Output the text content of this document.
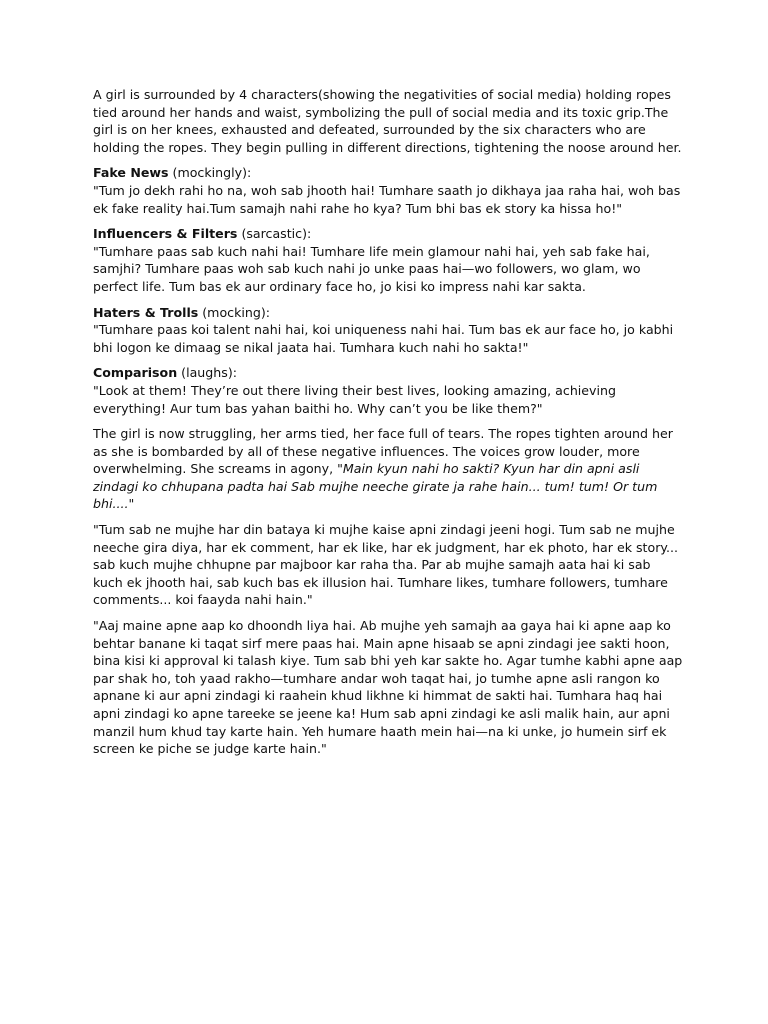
A girl is surrounded by 4 characters(showing the negativities of social media) holding ropes tied around her hands and waist, symbolizing the pull of social media and its toxic grip.The girl is on her knees, exhausted and defeated, surrounded by the six characters who are holding the ropes. They begin pulling in different directions, tightening the noose around her.

Fake News (mockingly):
"Tum jo dekh rahi ho na, woh sab jhooth hai! Tumhare saath jo dikhaya jaa raha hai, woh bas ek fake reality hai.Tum samajh nahi rahe ho kya? Tum bhi bas ek story ka hissa ho!"

Influencers & Filters (sarcastic):
"Tumhare paas sab kuch nahi hai! Tumhare life mein glamour nahi hai, yeh sab fake hai, samjhi? Tumhare paas woh sab kuch nahi jo unke paas hai—wo followers, wo glam, wo perfect life. Tum bas ek aur ordinary face ho, jo kisi ko impress nahi kar sakta.

Haters & Trolls (mocking):
"Tumhare paas koi talent nahi hai, koi uniqueness nahi hai. Tum bas ek aur face ho, jo kabhi bhi logon ke dimaag se nikal jaata hai. Tumhara kuch nahi ho sakta!"

Comparison (laughs):
"Look at them! They’re out there living their best lives, looking amazing, achieving everything! Aur tum bas yahan baithi ho. Why can’t you be like them?"

The girl is now struggling, her arms tied, her face full of tears. The ropes tighten around her as she is bombarded by all of these negative influences. The voices grow louder, more overwhelming. She screams in agony, "Main kyun nahi ho sakti? Kyun har din apni asli zindagi ko chhupana padta hai Sab mujhe neeche girate ja rahe hain... tum! tum! Or tum bhi...."

"Tum sab ne mujhe har din bataya ki mujhe kaise apni zindagi jeeni hogi. Tum sab ne mujhe neeche gira diya, har ek comment, har ek like, har ek judgment, har ek photo, har ek story... sab kuch mujhe chhupne par majboor kar raha tha. Par ab mujhe samajh aata hai ki sab kuch ek jhooth hai, sab kuch bas ek illusion hai. Tumhare likes, tumhare followers, tumhare comments... koi faayda nahi hain."

"Aaj maine apne aap ko dhoondh liya hai. Ab mujhe yeh samajh aa gaya hai ki apne aap ko behtar banane ki taqat sirf mere paas hai. Main apne hisaab se apni zindagi jee sakti hoon, bina kisi ki approval ki talash kiye. Tum sab bhi yeh kar sakte ho. Agar tumhe kabhi apne aap par shak ho, toh yaad rakho—tumhare andar woh taqat hai, jo tumhe apne asli rangon ko apnane ki aur apni zindagi ki raahein khud likhne ki himmat de sakti hai. Tumhara haq hai apni zindagi ko apne tareeke se jeene ka! Hum sab apni zindagi ke asli malik hain, aur apni manzil hum khud tay karte hain. Yeh humare haath mein hai—na ki unke, jo humein sirf ek screen ke piche se judge karte hain."
